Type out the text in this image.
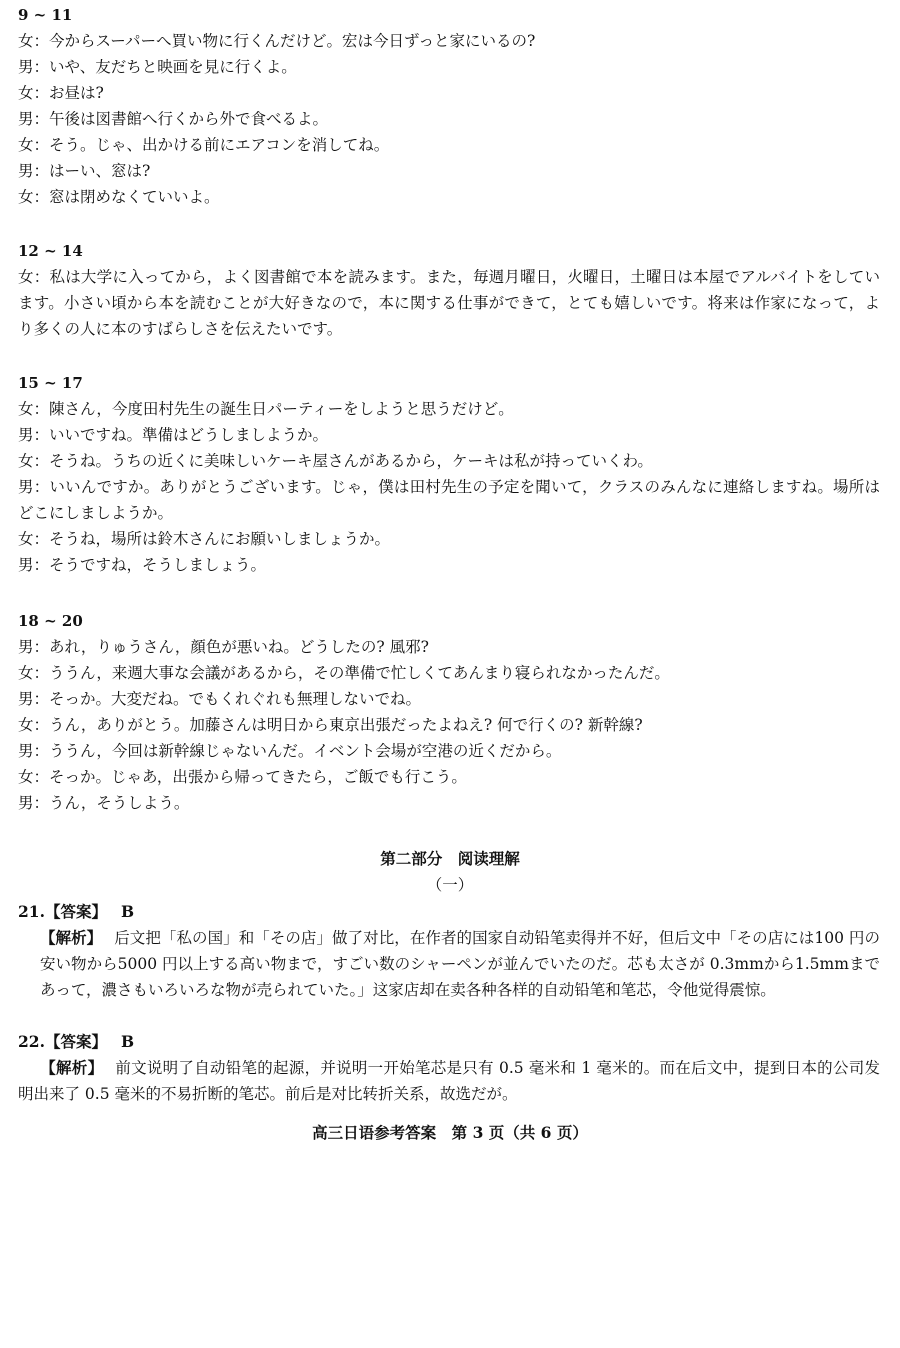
9 ~ 11
女：今からスーパーへ買い物に行くんだけど。宏は今日ずっと家にいるの?
男：いや、友だちと映画を見に行くよ。
女：お昼は?
男：午後は図書館へ行くから外で食べるよ。
女：そう。じゃ、出かける前にエアコンを消してね。
男：はーい、窓は?
女：窓は閉めなくていいよ。
12 ~ 14
女：私は大学に入ってから，よく図書館で本を読みます。また，毎週月曜日，火曜日，土曜日は本屋でアルバイトをしています。小さい頃から本を読むことが大好きなので，本に関する仕事ができて，とても嬉しいです。将来は作家になって，より多くの人に本のすばらしさを伝えたいです。
15 ~ 17
女：陳さん，今度田村先生の誕生日パーティーをしようと思うだけど。
男：いいですね。準備はどうしましようか。
女：そうね。うちの近くに美味しいケーキ屋さんがあるから，ケーキは私が持っていくわ。
男：いいんですか。ありがとうございます。じゃ，僕は田村先生の予定を聞いて，クラスのみんなに連絡しますね。場所はどこにしましようか。
女：そうね，場所は鈴木さんにお願いしましょうか。
男：そうですね，そうしましょう。
18 ~ 20
男：あれ，りゅうさん，顔色が悪いね。どうしたの? 風邪?
女：ううん，来週大事な会議があるから，その準備で忙しくてあんまり寝られなかったんだ。
男：そっか。大変だね。でもくれぐれも無理しないでね。
女：うん，ありがとう。加藤さんは明日から東京出張だったよねえ? 何で行くの? 新幹線?
男：ううん，今回は新幹線じゃないんだ。イベント会場が空港の近くだから。
女：そっか。じゃあ，出張から帰ってきたら，ご飯でも行こう。
男：うん，そうしよう。
第二部分　阅读理解
（一）
21.【答案】 B
【解析】 后文把「私の国」和「その店」做了对比，在作者的国家自动铅笔卖得并不好，但后文中「その店には100 円の安い物から5000 円以上する高い物まで，すごい数のシャーペンが並んでいたのだ。芯も太さが 0.3mmから1.5mmまであって，濃さもいろいろな物が売られていた。」这家店却在卖各种各样的自动铅笔和笔芯，令他觉得震惊。
22.【答案】 B
【解析】 前文说明了自动铅笔的起源，并说明一开始笔芯是只有 0.5 毫米和 1 毫米的。而在后文中，提到日本的公司发明出来了 0.5 毫米的不易折断的笔芯。前后是对比转折关系，故选だが。
高三日语参考答案　第 3 页（共 6 页）
